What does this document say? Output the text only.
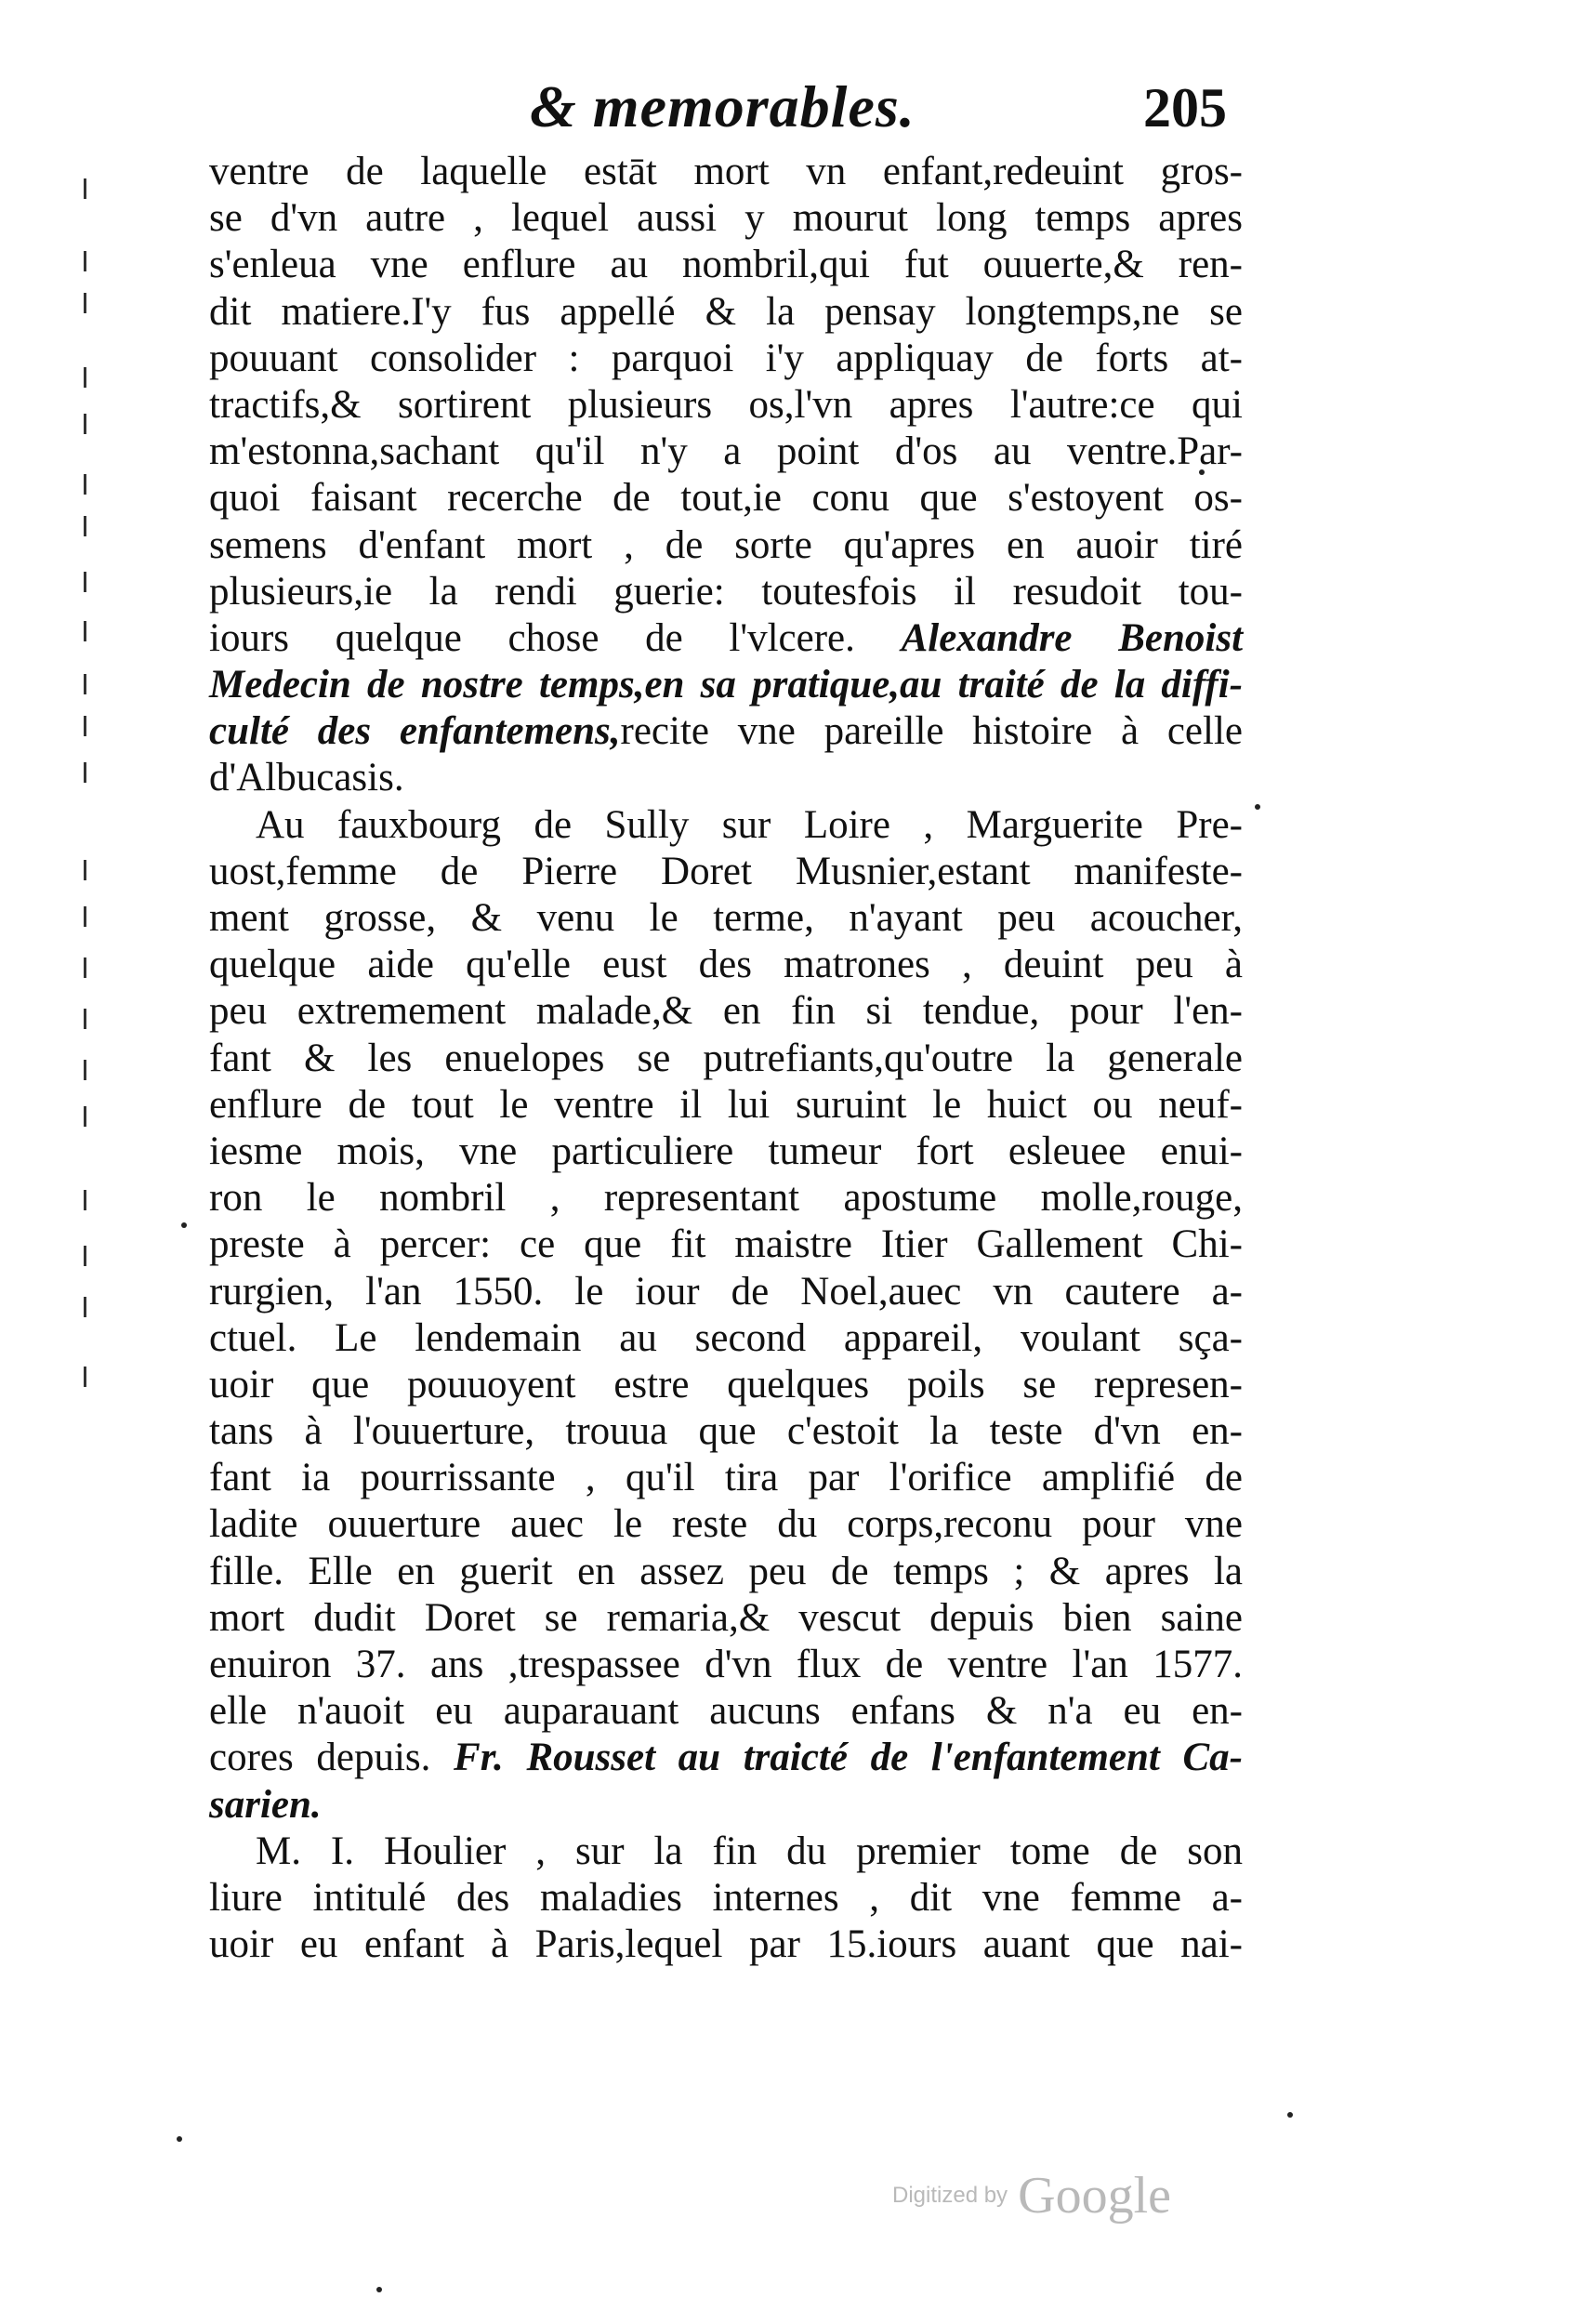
& memorables.	205
ventre de laquelle estāt mort vn enfant,redeuint gros-
se d'vn autre , lequel aussi y mourut long temps apres
s'enleua vne enflure au nombril,qui fut ouuerte,& ren-
dit matiere.I'y fus appellé & la pensay longtemps,ne se
pouuant consolider : parquoi i'y appliquay de forts at-
tractifs,& sortirent plusieurs os,l'vn apres l'autre:ce qui
m'estonna,sachant qu'il n'y a point d'os au ventre.Par-
quoi faisant recerche de tout,ie conu que s'estoyent os-
semens d'enfant mort , de sorte qu'apres en auoir tiré
plusieurs,ie la rendi guerie: toutesfois il resudoit tou-
iours quelque chose de l'vlcere. Alexandre Benoist
Medecin de nostre temps,en sa pratique,au traité de la diffi-
culté des enfantemens,recite vne pareille histoire à celle
d'Albucasis.
Au fauxbourg de Sully sur Loire , Marguerite Pre-
uost,femme de Pierre Doret Musnier,estant manifeste-
ment grosse, & venu le terme, n'ayant peu acoucher,
quelque aide qu'elle eust des matrones , deuint peu à
peu extremement malade,& en fin si tendue, pour l'en-
fant & les enuelopes se putrefiants,qu'outre la generale
enflure de tout le ventre il lui suruint le huict ou neuf-
iesme mois, vne particuliere tumeur fort esleuee enui-
ron le nombril , representant apostume molle,rouge,
preste à percer: ce que fit maistre Itier Gallement Chi-
rurgien, l'an 1550. le iour de Noel,auec vn cautere a-
ctuel. Le lendemain au second appareil, voulant sça-
uoir que pouuoyent estre quelques poils se represen-
tans à l'ouuerture, trouua que c'estoit la teste d'vn en-
fant ia pourrissante , qu'il tira par l'orifice amplifié de
ladite ouuerture auec le reste du corps,reconu pour vne
fille. Elle en guerit en assez peu de temps ; & apres la
mort dudit Doret se remaria,& vescut depuis bien saine
enuiron 37. ans ,trespassee d'vn flux de ventre l'an 1577.
elle n'auoit eu auparauant aucuns enfans & n'a eu en-
cores depuis. Fr. Rousset au traicté de l'enfantement Ca-
sarien.
M. I. Houlier , sur la fin du premier tome de son
liure intitulé des maladies internes , dit vne femme a-
uoir eu enfant à Paris,lequel par 15.iours auant que nai-
Digitized by Google
